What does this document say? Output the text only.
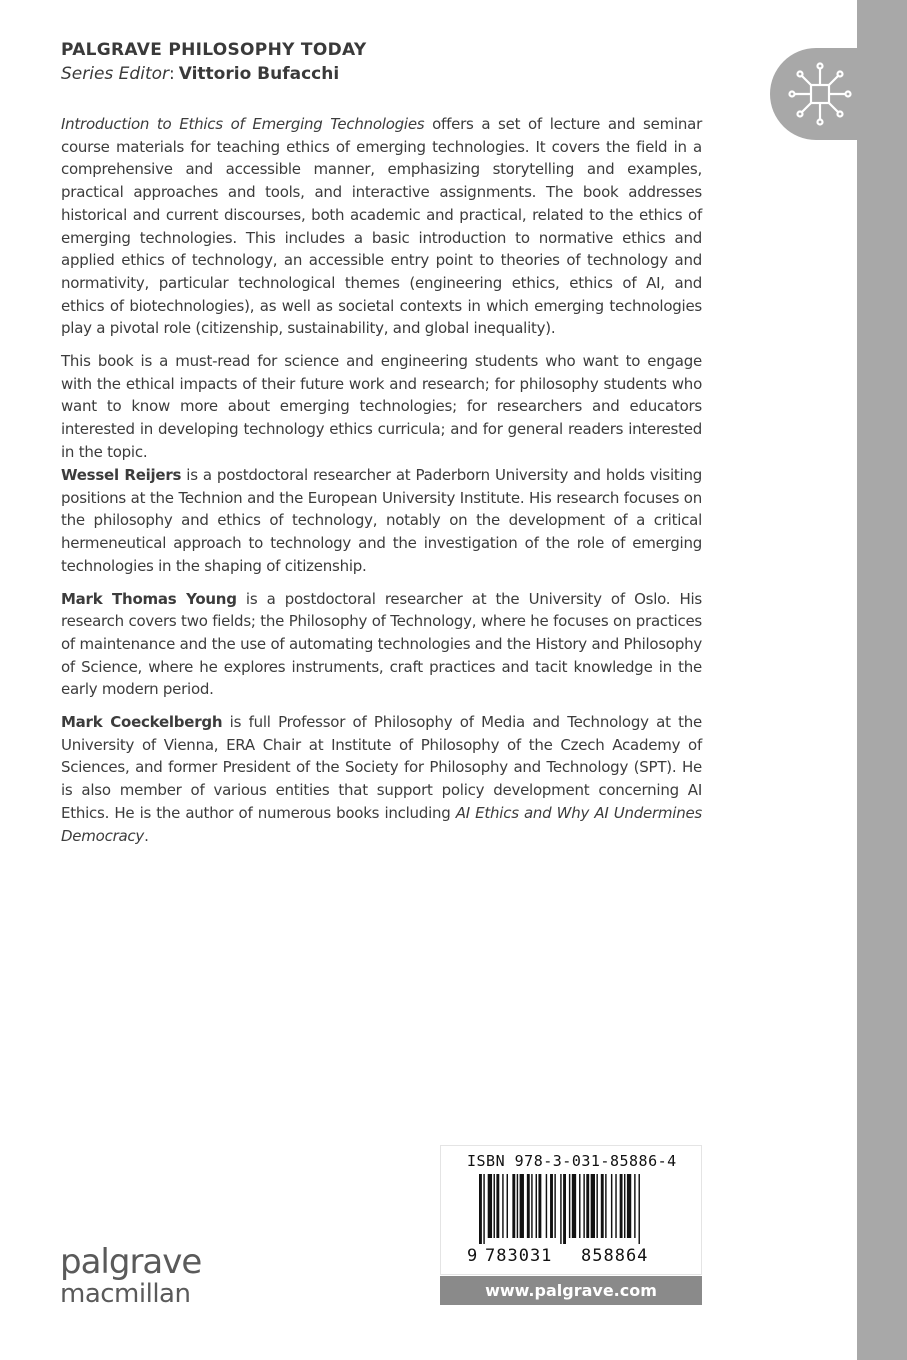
PALGRAVE PHILOSOPHY TODAY
Series Editor: Vittorio Bufacchi

Introduction to Ethics of Emerging Technologies offers a set of lecture and seminar course materials for teaching ethics of emerging technologies. It covers the field in a comprehensive and accessible manner, emphasizing storytelling and examples, practical approaches and tools, and interactive assignments. The book addresses historical and current discourses, both academic and practical, related to the ethics of emerging technologies. This includes a basic introduction to normative ethics and applied ethics of technology, an accessible entry point to theories of technology and normativity, particular technological themes (engineering ethics, ethics of AI, and ethics of biotechnologies), as well as societal contexts in which emerging technologies play a pivotal role (citizenship, sustainability, and global inequality).

This book is a must-read for science and engineering students who want to engage with the ethical impacts of their future work and research; for philosophy students who want to know more about emerging technologies; for researchers and educators interested in developing technology ethics curricula; and for general readers interested in the topic.

Wessel Reijers is a postdoctoral researcher at Paderborn University and holds visiting positions at the Technion and the European University Institute. His research focuses on the philosophy and ethics of technology, notably on the development of a critical hermeneutical approach to technology and the investigation of the role of emerging technologies in the shaping of citizenship.

Mark Thomas Young is a postdoctoral researcher at the University of Oslo. His research covers two fields; the Philosophy of Technology, where he focuses on practices of maintenance and the use of automating technologies and the History and Philosophy of Science, where he explores instruments, craft practices and tacit knowledge in the early modern period.

Mark Coeckelbergh is full Professor of Philosophy of Media and Technology at the University of Vienna, ERA Chair at Institute of Philosophy of the Czech Academy of Sciences, and former President of the Society for Philosophy and Technology (SPT). He is also member of various entities that support policy development concerning AI Ethics. He is the author of numerous books including AI Ethics and Why AI Undermines Democracy.

palgrave
macmillan
ISBN 978-3-031-85886-4
9 783031 858864
www.palgrave.com
